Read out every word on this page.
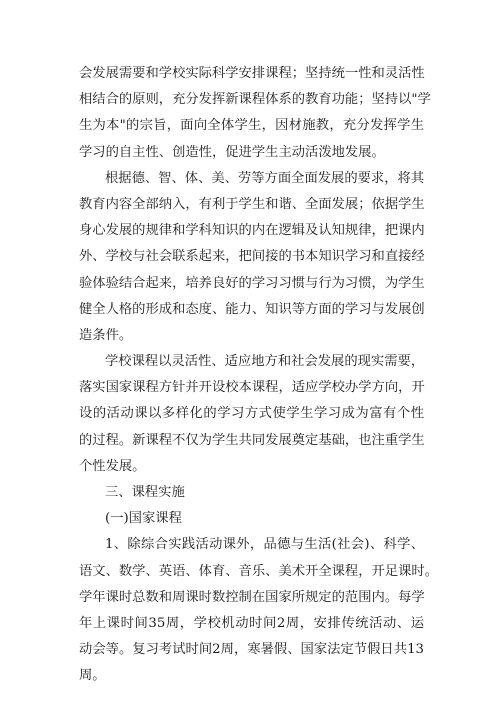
会发展需要和学校实际科学安排课程；坚持统一性和灵活性
相结合的原则，充分发挥新课程体系的教育功能；坚持以"学
生为本"的宗旨，面向全体学生，因材施教，充分发挥学生
学习的自主性、创造性，促进学生主动活泼地发展。
根据德、智、体、美、劳等方面全面发展的要求，将其
教育内容全部纳入，有利于学生和谐、全面发展；依据学生
身心发展的规律和学科知识的内在逻辑及认知规律，把课内
外、学校与社会联系起来，把间接的书本知识学习和直接经
验体验结合起来，培养良好的学习习惯与行为习惯，为学生
健全人格的形成和态度、能力、知识等方面的学习与发展创
造条件。
学校课程以灵活性、适应地方和社会发展的现实需要，
落实国家课程方针并开设校本课程，适应学校办学方向，开
设的活动课以多样化的学习方式使学生学习成为富有个性
的过程。新课程不仅为学生共同发展奠定基础，也注重学生
个性发展。
三、课程实施
(一)国家课程
1、除综合实践活动课外，品德与生活(社会)、科学、
语文、数学、英语、体育、音乐、美术开全课程，开足课时。
学年课时总数和周课时数控制在国家所规定的范围内。每学
年上课时间35周，学校机动时间2周，安排传统活动、运
动会等。复习考试时间2周，寒暑假、国家法定节假日共13
周。
